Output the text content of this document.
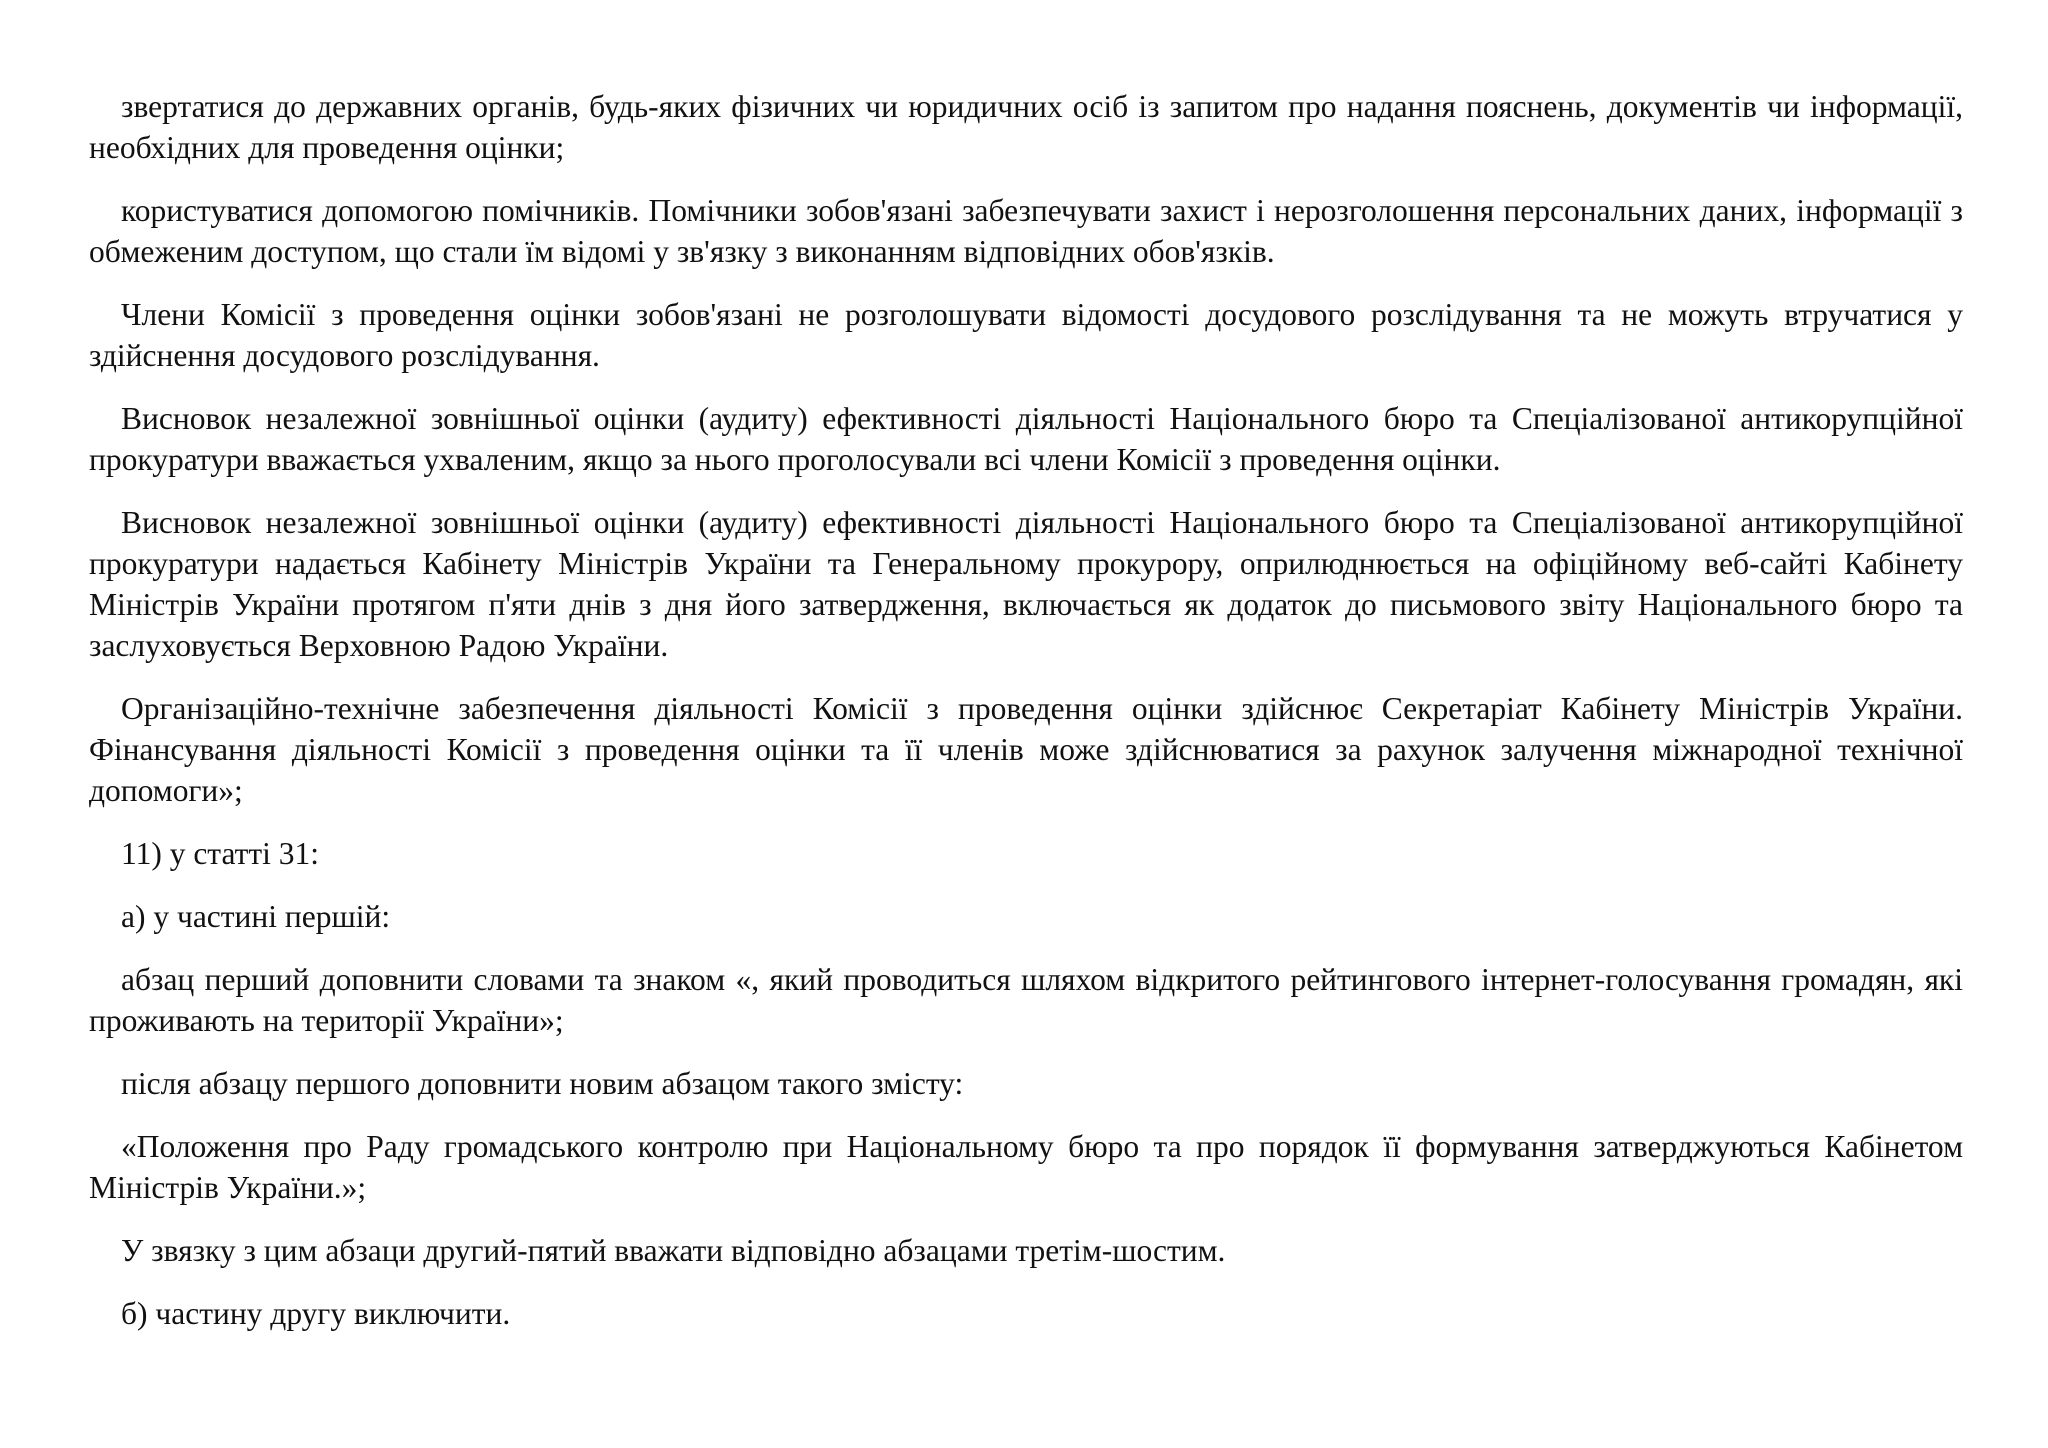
звертатися до державних органів, будь-яких фізичних чи юридичних осіб із запитом про надання пояснень, документів чи інформації, необхідних для проведення оцінки;

користуватися допомогою помічників. Помічники зобов'язані забезпечувати захист і нерозголошення персональних даних, інформації з обмеженим доступом, що стали їм відомі у зв'язку з виконанням відповідних обов'язків.

Члени Комісії з проведення оцінки зобов'язані не розголошувати відомості досудового розслідування та не можуть втручатися у здійснення досудового розслідування.

Висновок незалежної зовнішньої оцінки (аудиту) ефективності діяльності Національного бюро та Спеціалізованої антикорупційної прокуратури вважається ухваленим, якщо за нього проголосували всі члени Комісії з проведення оцінки.

Висновок незалежної зовнішньої оцінки (аудиту) ефективності діяльності Національного бюро та Спеціалізованої антикорупційної прокуратури надається Кабінету Міністрів України та Генеральному прокурору, оприлюднюється на офіційному веб-сайті Кабінету Міністрів України протягом п'яти днів з дня його затвердження, включається як додаток до письмового звіту Національного бюро та заслуховується Верховною Радою України.

Організаційно-технічне забезпечення діяльності Комісії з проведення оцінки здійснює Секретаріат Кабінету Міністрів України. Фінансування діяльності Комісії з проведення оцінки та її членів може здійснюватися за рахунок залучення міжнародної технічної допомоги»;

11) у статті 31:

а) у частині першій:

абзац перший доповнити словами та знаком «, який проводиться шляхом відкритого рейтингового інтернет-голосування громадян, які проживають на території України»;

після абзацу першого доповнити новим абзацом такого змісту:

«Положення про Раду громадського контролю при Національному бюро та про порядок її формування затверджуються Кабінетом Міністрів України.»;

У звязку з цим абзаци другий-пятий вважати відповідно абзацами третім-шостим.

б) частину другу виключити.
